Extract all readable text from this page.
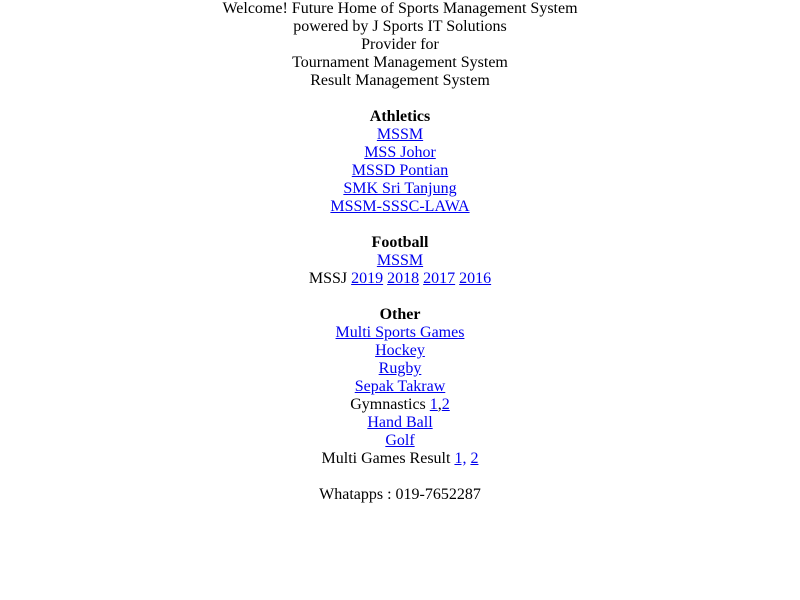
Welcome! Future Home of Sports Management System
powered by J Sports IT Solutions
Provider for
Tournament Management System
Result Management System
Athletics
MSSM
MSS Johor
MSSD Pontian
SMK Sri Tanjung
MSSM-SSSC-LAWA
Football
MSSM
MSSJ 2019 2018 2017 2016
Other
Multi Sports Games
Hockey
Rugby
Sepak Takraw
Gymnastics 1,2
Hand Ball
Golf
Multi Games Result 1, 2
Whatapps : 019-7652287
